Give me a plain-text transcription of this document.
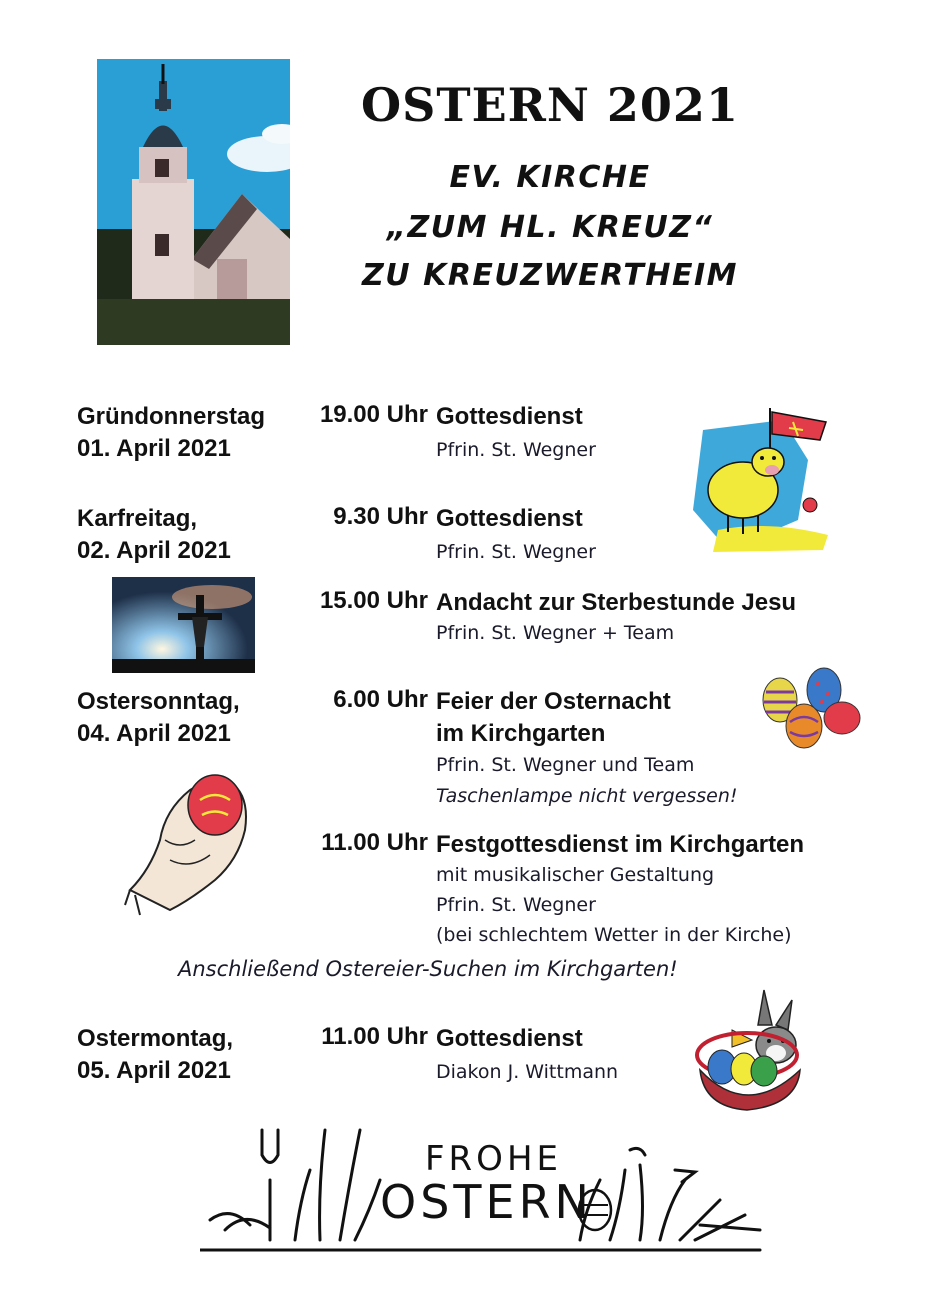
OSTERN 2021
EV. KIRCHE
„ZUM HL. KREUZ“
ZU KREUZWERTHEIM
Gründonnerstag
01. April 2021
19.00 Uhr Gottesdienst
Pfrin. St. Wegner
Karfreitag,
02. April 2021
9.30 Uhr Gottesdienst
Pfrin. St. Wegner
15.00 Uhr Andacht zur Sterbestunde Jesu
Pfrin. St. Wegner + Team
Ostersonntag,
04. April 2021
6.00 Uhr Feier der Osternacht
im Kirchgarten
Pfrin. St. Wegner und Team
Taschenlampe nicht vergessen!
11.00 Uhr Festgottesdienst im Kirchgarten
mit musikalischer Gestaltung
Pfrin. St. Wegner
(bei schlechtem Wetter in der Kirche)
Anschließend Ostereier-Suchen im Kirchgarten!
Ostermontag,
05. April 2021
11.00 Uhr Gottesdienst
Diakon J. Wittmann
FROHE
OSTERN
